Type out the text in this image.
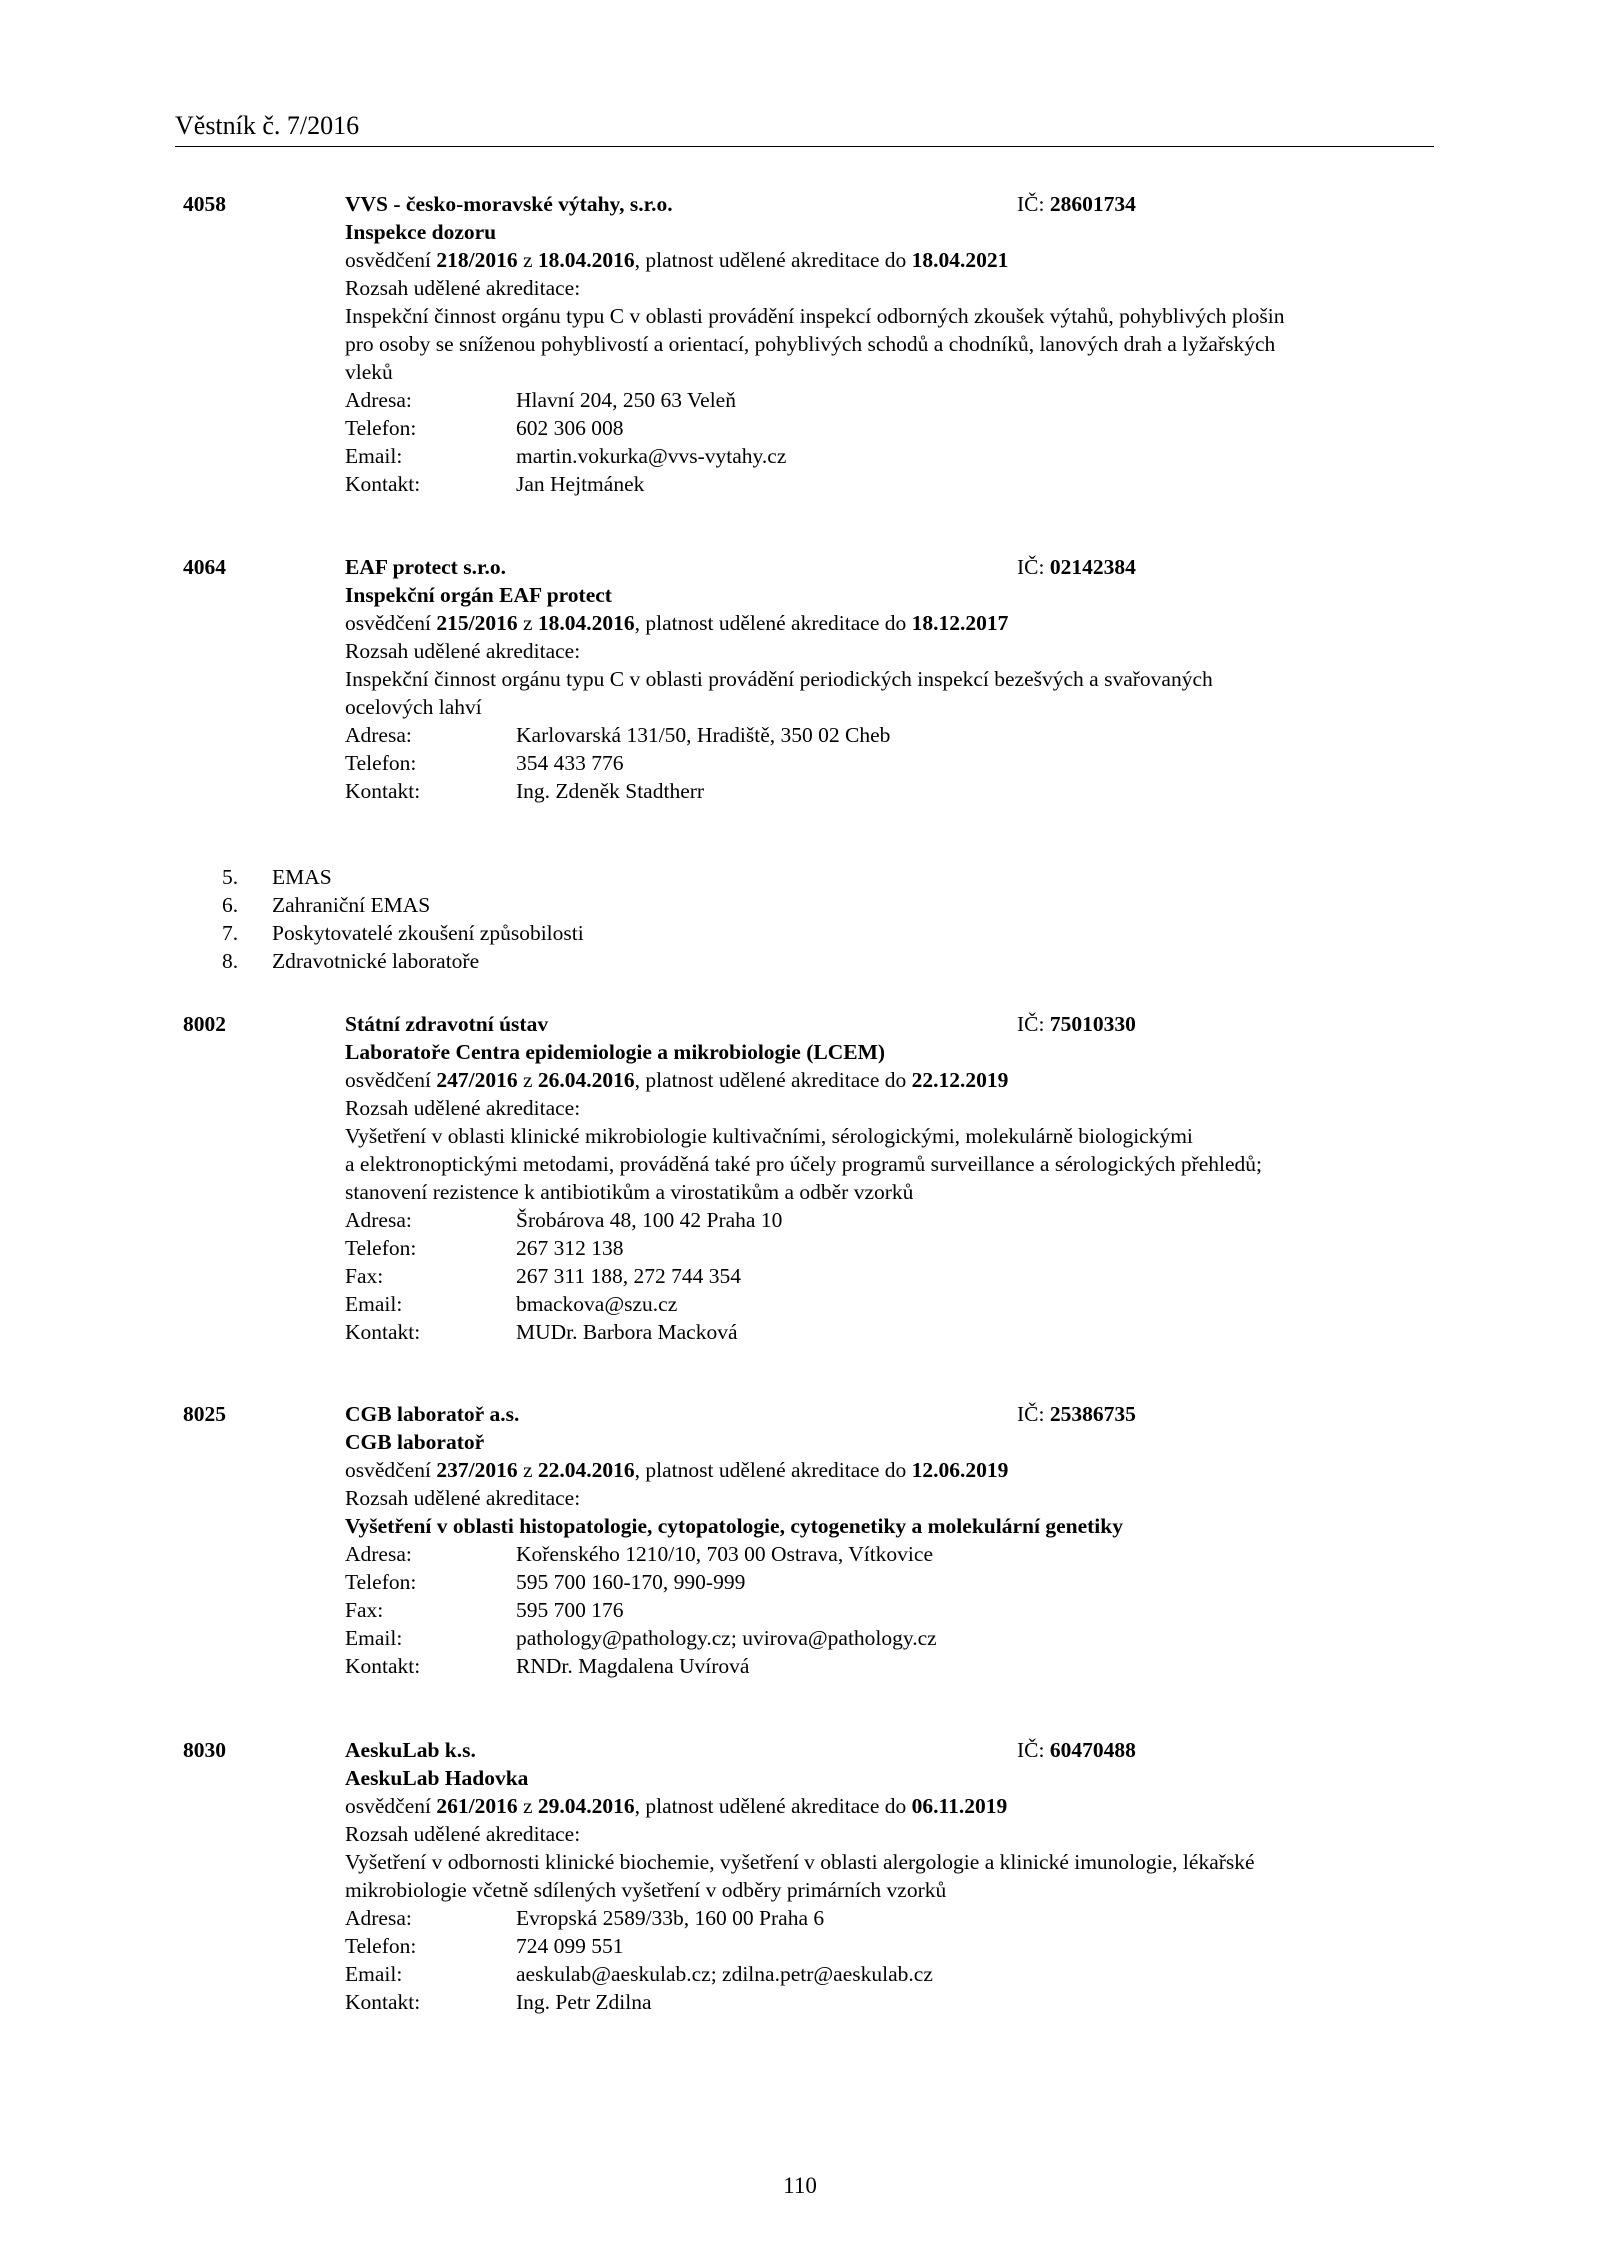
Věstník č. 7/2016
4058	VVS - česko-moravské výtahy, s.r.o.	IČ: 28601734
Inspekce dozoru
osvědčení 218/2016 z 18.04.2016, platnost udělené akreditace do 18.04.2021
Rozsah udělené akreditace:
Inspekční činnost orgánu typu C v oblasti provádění inspekcí odborných zkoušek výtahů, pohyblivých plošin
pro osoby se sníženou pohyblivostí a orientací, pohyblivých schodů a chodníků, lanových drah a lyžařských
vleků
Adresa:	Hlavní 204, 250 63 Veleň
Telefon:	602 306 008
Email:	martin.vokurka@vvs-vytahy.cz
Kontakt:	Jan Hejtmánek
4064	EAF protect s.r.o.	IČ: 02142384
Inspekční orgán EAF protect
osvědčení 215/2016 z 18.04.2016, platnost udělené akreditace do 18.12.2017
Rozsah udělené akreditace:
Inspekční činnost orgánu typu C v oblasti provádění periodických inspekcí bezešvých a svařovaných
ocelových lahví
Adresa:	Karlovarská 131/50, Hradiště, 350 02 Cheb
Telefon:	354 433 776
Kontakt:	Ing. Zdeněk Stadtherr
5. EMAS
6. Zahraniční EMAS
7. Poskytovatelé zkoušení způsobilosti
8. Zdravotnické laboratoře
8002	Státní zdravotní ústav	IČ: 75010330
Laboratoře Centra epidemiologie a mikrobiologie (LCEM)
osvědčení 247/2016 z 26.04.2016, platnost udělené akreditace do 22.12.2019
Rozsah udělené akreditace:
Vyšetření v oblasti klinické mikrobiologie kultivačními, sérologickými, molekulárně biologickými
a elektronoptickými metodami, prováděná také pro účely programů surveillance a sérologických přehledů;
stanovení rezistence k antibiotikům a virostatikům a odběr vzorků
Adresa:	Šrobárova 48, 100 42 Praha 10
Telefon:	267 312 138
Fax:	267 311 188, 272 744 354
Email:	bmackova@szu.cz
Kontakt:	MUDr. Barbora Macková
8025	CGB laboratoř a.s.	IČ: 25386735
CGB laboratoř
osvědčení 237/2016 z 22.04.2016, platnost udělené akreditace do 12.06.2019
Rozsah udělené akreditace:
Vyšetření v oblasti histopatologie, cytopatologie, cytogenetiky a molekulární genetiky
Adresa:	Kořenského 1210/10, 703 00 Ostrava, Vítkovice
Telefon:	595 700 160-170, 990-999
Fax:	595 700 176
Email:	pathology@pathology.cz; uvirova@pathology.cz
Kontakt:	RNDr. Magdalena Uvírová
8030	AeskuLab k.s.	IČ: 60470488
AeskuLab Hadovka
osvědčení 261/2016 z 29.04.2016, platnost udělené akreditace do 06.11.2019
Rozsah udělené akreditace:
Vyšetření v odbornosti klinické biochemie, vyšetření v oblasti alergologie a klinické imunologie, lékařské
mikrobiologie včetně sdílených vyšetření v odběry primárních vzorků
Adresa:	Evropská 2589/33b, 160 00 Praha 6
Telefon:	724 099 551
Email:	aeskulab@aeskulab.cz; zdilna.petr@aeskulab.cz
Kontakt:	Ing. Petr Zdilna
110
